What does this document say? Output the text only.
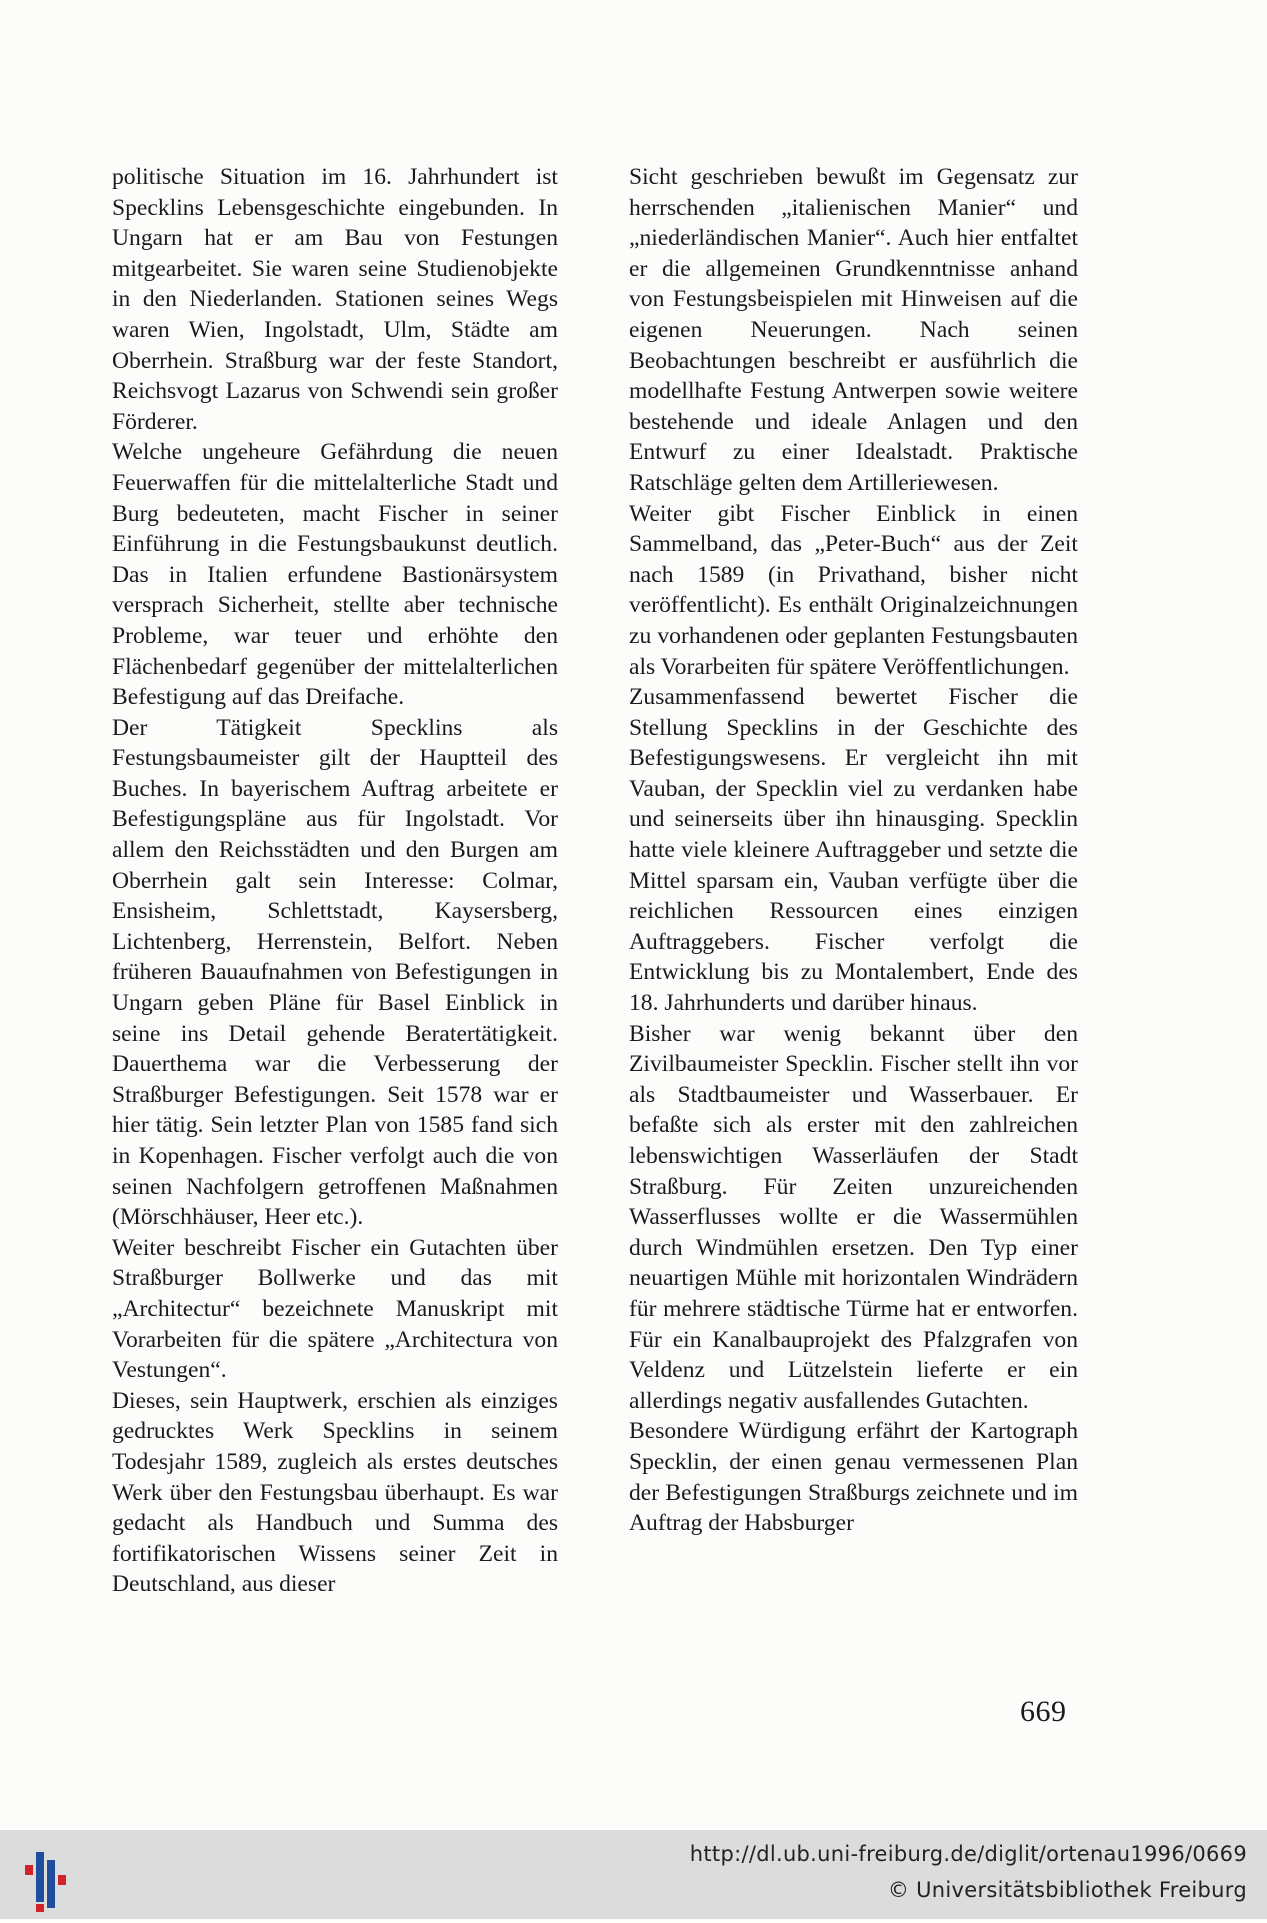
politische Situation im 16. Jahrhundert ist Specklins Lebensgeschichte eingebunden. In Ungarn hat er am Bau von Festungen mitgearbeitet. Sie waren seine Studienobjekte in den Niederlanden. Stationen seines Wegs waren Wien, Ingolstadt, Ulm, Städte am Oberrhein. Straßburg war der feste Standort, Reichsvogt Lazarus von Schwendi sein großer Förderer.

Welche ungeheure Gefährdung die neuen Feuerwaffen für die mittelalterliche Stadt und Burg bedeuteten, macht Fischer in seiner Einführung in die Festungsbaukunst deutlich. Das in Italien erfundene Bastionärsystem versprach Sicherheit, stellte aber technische Probleme, war teuer und erhöhte den Flächenbedarf gegenüber der mittelalterlichen Befestigung auf das Dreifache.

Der Tätigkeit Specklins als Festungsbaumeister gilt der Hauptteil des Buches. In bayerischem Auftrag arbeitete er Befestigungspläne aus für Ingolstadt. Vor allem den Reichsstädten und den Burgen am Oberrhein galt sein Interesse: Colmar, Ensisheim, Schlettstadt, Kaysersberg, Lichtenberg, Herrenstein, Belfort. Neben früheren Bauaufnahmen von Befestigungen in Ungarn geben Pläne für Basel Einblick in seine ins Detail gehende Beratertätigkeit. Dauerthema war die Verbesserung der Straßburger Befestigungen. Seit 1578 war er hier tätig. Sein letzter Plan von 1585 fand sich in Kopenhagen. Fischer verfolgt auch die von seinen Nachfolgern getroffenen Maßnahmen (Mörschhäuser, Heer etc.).

Weiter beschreibt Fischer ein Gutachten über Straßburger Bollwerke und das mit „Architectur“ bezeichnete Manuskript mit Vorarbeiten für die spätere „Architectura von Vestungen“.

Dieses, sein Hauptwerk, erschien als einziges gedrucktes Werk Specklins in seinem Todesjahr 1589, zugleich als erstes deutsches Werk über den Festungsbau überhaupt. Es war gedacht als Handbuch und Summa des fortifikatorischen Wissens seiner Zeit in Deutschland, aus dieser

Sicht geschrieben bewußt im Gegensatz zur herrschenden „italienischen Manier“ und „niederländischen Manier“. Auch hier entfaltet er die allgemeinen Grundkenntnisse anhand von Festungsbeispielen mit Hinweisen auf die eigenen Neuerungen. Nach seinen Beobachtungen beschreibt er ausführlich die modellhafte Festung Antwerpen sowie weitere bestehende und ideale Anlagen und den Entwurf zu einer Idealstadt. Praktische Ratschläge gelten dem Artilleriewesen.

Weiter gibt Fischer Einblick in einen Sammelband, das „Peter-Buch“ aus der Zeit nach 1589 (in Privathand, bisher nicht veröffentlicht). Es enthält Originalzeichnungen zu vorhandenen oder geplanten Festungsbauten als Vorarbeiten für spätere Veröffentlichungen.

Zusammenfassend bewertet Fischer die Stellung Specklins in der Geschichte des Befestigungswesens. Er vergleicht ihn mit Vauban, der Specklin viel zu verdanken habe und seinerseits über ihn hinausging. Specklin hatte viele kleinere Auftraggeber und setzte die Mittel sparsam ein, Vauban verfügte über die reichlichen Ressourcen eines einzigen Auftraggebers. Fischer verfolgt die Entwicklung bis zu Montalembert, Ende des 18. Jahrhunderts und darüber hinaus.

Bisher war wenig bekannt über den Zivilbaumeister Specklin. Fischer stellt ihn vor als Stadtbaumeister und Wasserbauer. Er befaßte sich als erster mit den zahlreichen lebenswichtigen Wasserläufen der Stadt Straßburg. Für Zeiten unzureichenden Wasserflusses wollte er die Wassermühlen durch Windmühlen ersetzen. Den Typ einer neuartigen Mühle mit horizontalen Windrädern für mehrere städtische Türme hat er entworfen. Für ein Kanalbauprojekt des Pfalzgrafen von Veldenz und Lützelstein lieferte er ein allerdings negativ ausfallendes Gutachten.

Besondere Würdigung erfährt der Kartograph Specklin, der einen genau vermessenen Plan der Befestigungen Straßburgs zeichnete und im Auftrag der Habsburger

669
http://dl.ub.uni-freiburg.de/diglit/ortenau1996/0669
© Universitätsbibliothek Freiburg
